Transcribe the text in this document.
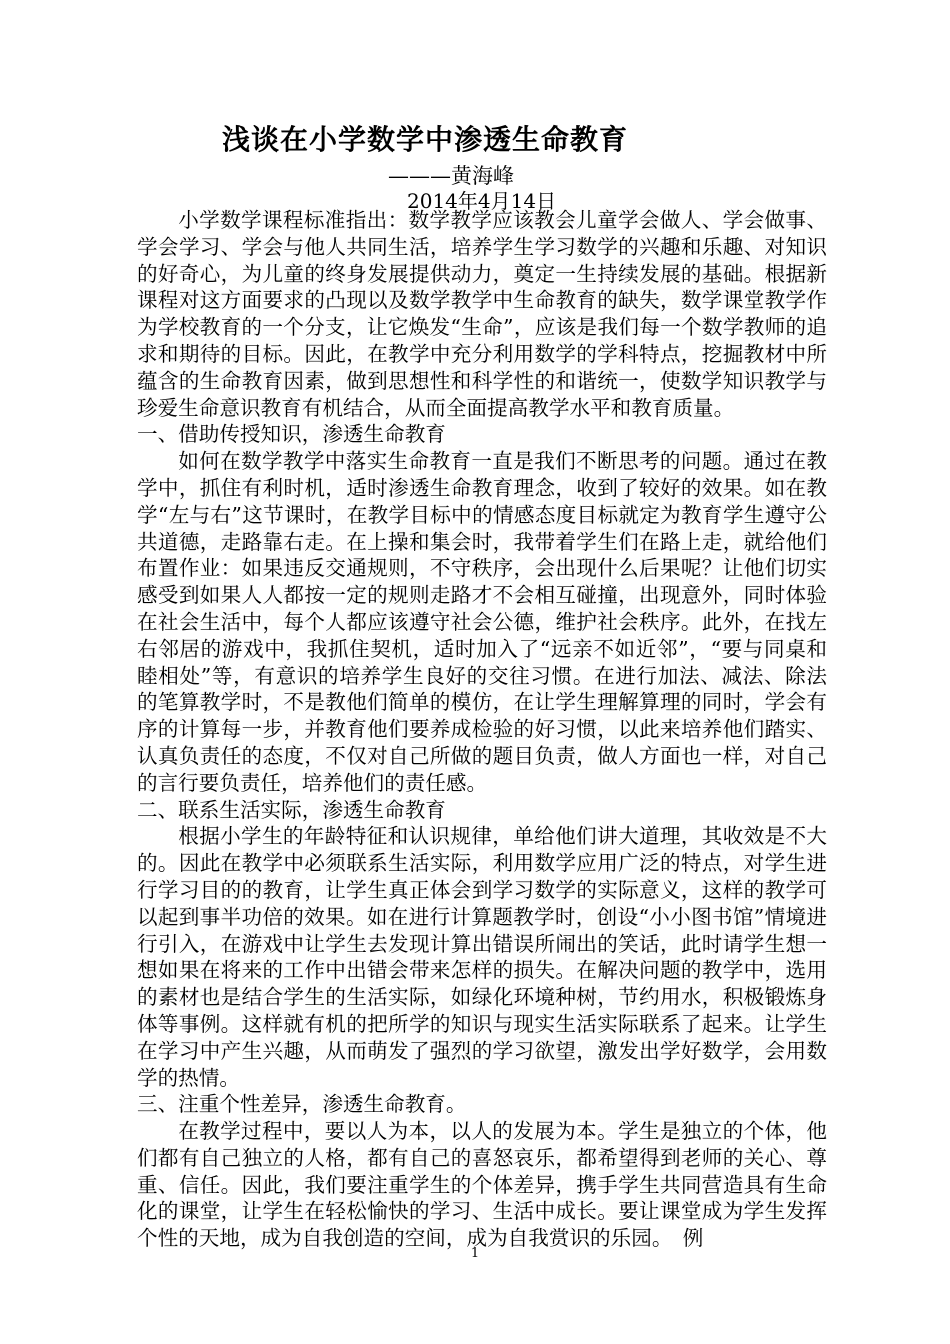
浅谈在小学数学中渗透生命教育
———黄海峰
2014年4月14日

小学数学课程标准指出：数学教学应该教会儿童学会做人、学会做事、学会学习、学会与他人共同生活，培养学生学习数学的兴趣和乐趣、对知识的好奇心，为儿童的终身发展提供动力，奠定一生持续发展的基础。根据新课程对这方面要求的凸现以及数学教学中生命教育的缺失，数学课堂教学作为学校教育的一个分支，让它焕发“生命”，应该是我们每一个数学教师的追求和期待的目标。因此，在教学中充分利用数学的学科特点，挖掘教材中所蕴含的生命教育因素，做到思想性和科学性的和谐统一，使数学知识教学与珍爱生命意识教育有机结合，从而全面提高教学水平和教育质量。

一、借助传授知识，渗透生命教育

如何在数学教学中落实生命教育一直是我们不断思考的问题。通过在教学中，抓住有利时机，适时渗透生命教育理念，收到了较好的效果。如在教学“左与右”这节课时，在教学目标中的情感态度目标就定为教育学生遵守公共道德，走路靠右走。在上操和集会时，我带着学生们在路上走，就给他们布置作业：如果违反交通规则，不守秩序，会出现什么后果呢？让他们切实感受到如果人人都按一定的规则走路才不会相互碰撞，出现意外，同时体验在社会生活中，每个人都应该遵守社会公德，维护社会秩序。此外，在找左右邻居的游戏中，我抓住契机，适时加入了“远亲不如近邻”，“要与同桌和睦相处”等，有意识的培养学生良好的交往习惯。在进行加法、减法、除法的笔算教学时，不是教他们简单的模仿，在让学生理解算理的同时，学会有序的计算每一步，并教育他们要养成检验的好习惯，以此来培养他们踏实、认真负责任的态度，不仅对自己所做的题目负责，做人方面也一样，对自己的言行要负责任，培养他们的责任感。

二、联系生活实际，渗透生命教育

根据小学生的年龄特征和认识规律，单给他们讲大道理，其收效是不大的。因此在教学中必须联系生活实际，利用数学应用广泛的特点，对学生进行学习目的的教育，让学生真正体会到学习数学的实际意义，这样的教学可以起到事半功倍的效果。如在进行计算题教学时，创设“小小图书馆”情境进行引入，在游戏中让学生去发现计算出错误所闹出的笑话，此时请学生想一想如果在将来的工作中出错会带来怎样的损失。在解决问题的教学中，选用的素材也是结合学生的生活实际，如绿化环境种树，节约用水，积极锻炼身体等事例。这样就有机的把所学的知识与现实生活实际联系了起来。让学生在学习中产生兴趣，从而萌发了强烈的学习欲望，激发出学好数学，会用数学的热情。

三、注重个性差异，渗透生命教育。

在教学过程中，要以人为本，以人的发展为本。学生是独立的个体，他们都有自己独立的人格，都有自己的喜怒哀乐，都希望得到老师的关心、尊重、信任。因此，我们要注重学生的个体差异，携手学生共同营造具有生命化的课堂，让学生在轻松愉快的学习、生活中成长。要让课堂成为学生发挥个性的天地，成为自我创造的空间，成为自我赏识的乐园。　例

1
